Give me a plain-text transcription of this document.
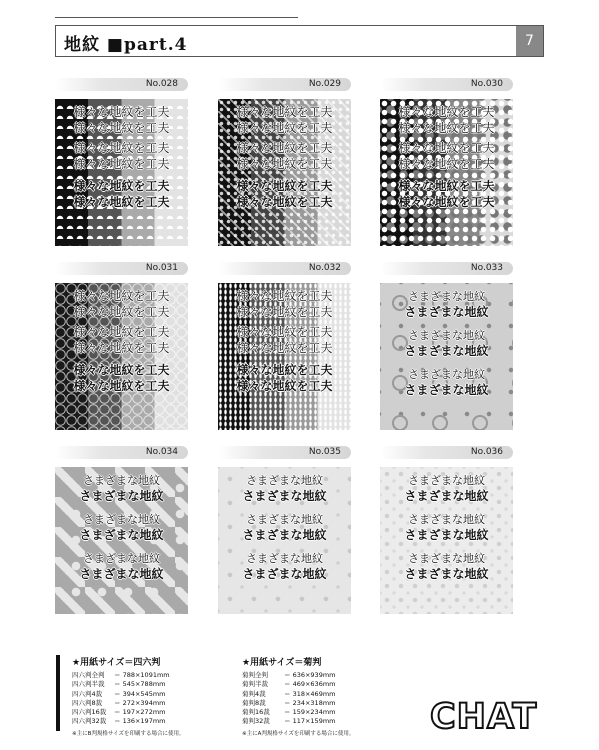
地紋 ■part.4	7
No.028
様々な地紋を工夫
様々な地紋を工夫
様々な地紋を工夫
様々な地紋を工夫
様々な地紋を工夫
様々な地紋を工夫
No.029
様々な地紋を工夫
様々な地紋を工夫
様々な地紋を工夫
様々な地紋を工夫
様々な地紋を工夫
様々な地紋を工夫
No.030
様々な地紋を工夫
様々な地紋を工夫
様々な地紋を工夫
様々な地紋を工夫
様々な地紋を工夫
様々な地紋を工夫
No.031
様々な地紋を工夫
様々な地紋を工夫
様々な地紋を工夫
様々な地紋を工夫
様々な地紋を工夫
様々な地紋を工夫
No.032
様々な地紋を工夫
様々な地紋を工夫
様々な地紋を工夫
様々な地紋を工夫
様々な地紋を工夫
様々な地紋を工夫
No.033
さまざまな地紋
さまざまな地紋
さまざまな地紋
さまざまな地紋
さまざまな地紋
さまざまな地紋
No.034
さまざまな地紋
さまざまな地紋
さまざまな地紋
さまざまな地紋
さまざまな地紋
さまざまな地紋
No.035
さまざまな地紋
さまざまな地紋
さまざまな地紋
さまざまな地紋
さまざまな地紋
さまざまな地紋
No.036
さまざまな地紋
さまざまな地紋
さまざまな地紋
さまざまな地紋
さまざまな地紋
さまざまな地紋
★用紙サイズ＝四六判
四六判全判 ＝ 788×1091mm
四六判半裁 ＝ 545×788mm
四六判4裁 ＝ 394×545mm
四六判8裁 ＝ 272×394mm
四六判16裁 ＝ 197×272mm
四六判32裁 ＝ 136×197mm
※主にB判規格サイズを印刷する場合に使用。
★用紙サイズ＝菊判
菊判全判 ＝ 636×939mm
菊判半裁 ＝ 469×636mm
菊判4裁	＝ 318×469mm
菊判8裁	＝ 234×318mm
菊判16裁 ＝ 159×234mm
菊判32裁 ＝ 117×159mm
※主にA判規格サイズを印刷する場合に使用。	CHAT
